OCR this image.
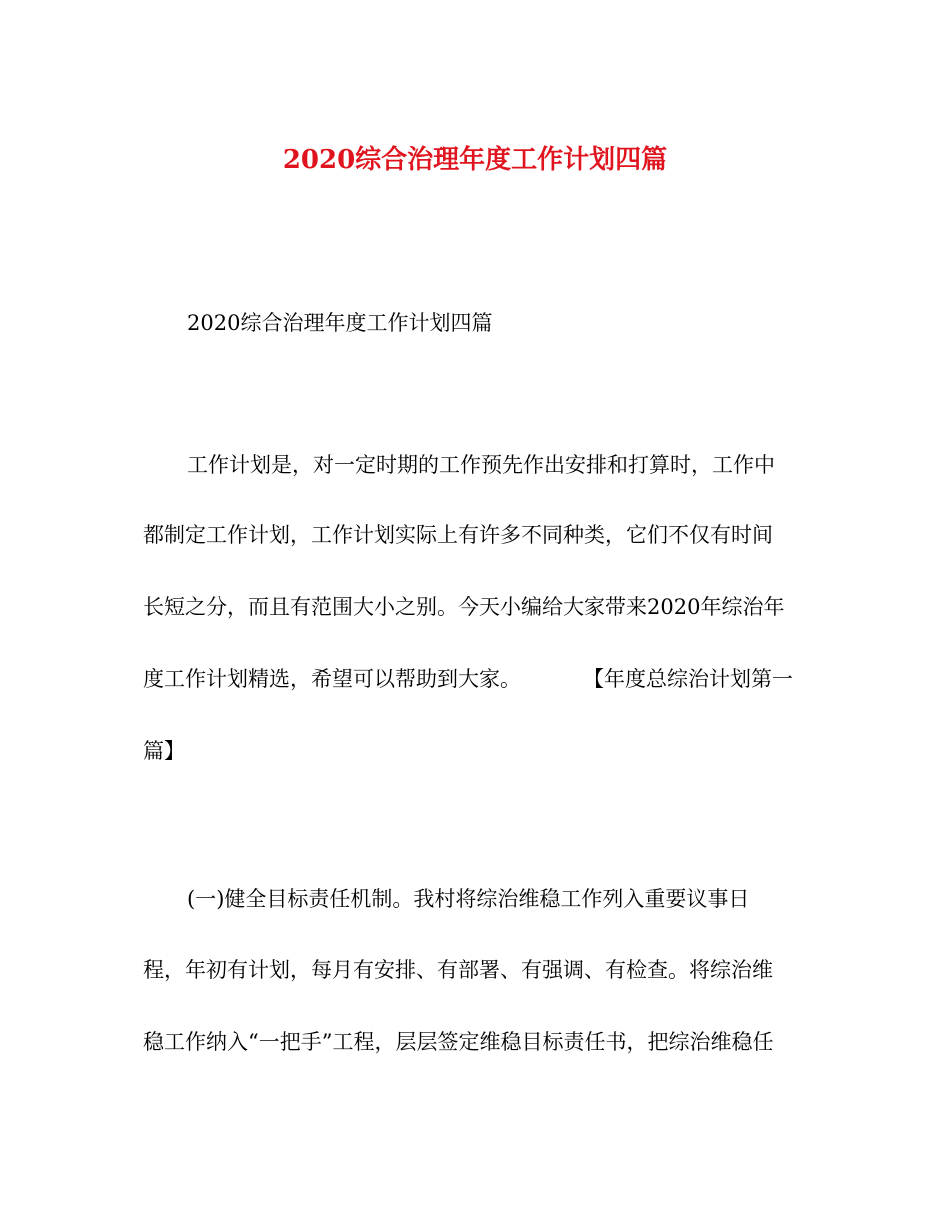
2020综合治理年度工作计划四篇

2020综合治理年度工作计划四篇

工作计划是，对一定时期的工作预先作出安排和打算时，工作中

都制定工作计划，工作计划实际上有许多不同种类，它们不仅有时间

长短之分，而且有范围大小之别。今天小编给大家带来2020年综治年

度工作计划精选，希望可以帮助到大家。	【年度总综治计划第一

篇】

(一)健全目标责任机制。我村将综治维稳工作列入重要议事日

程，年初有计划，每月有安排、有部署、有强调、有检查。将综治维

稳工作纳入“一把手”工程，层层签定维稳目标责任书，把综治维稳任
